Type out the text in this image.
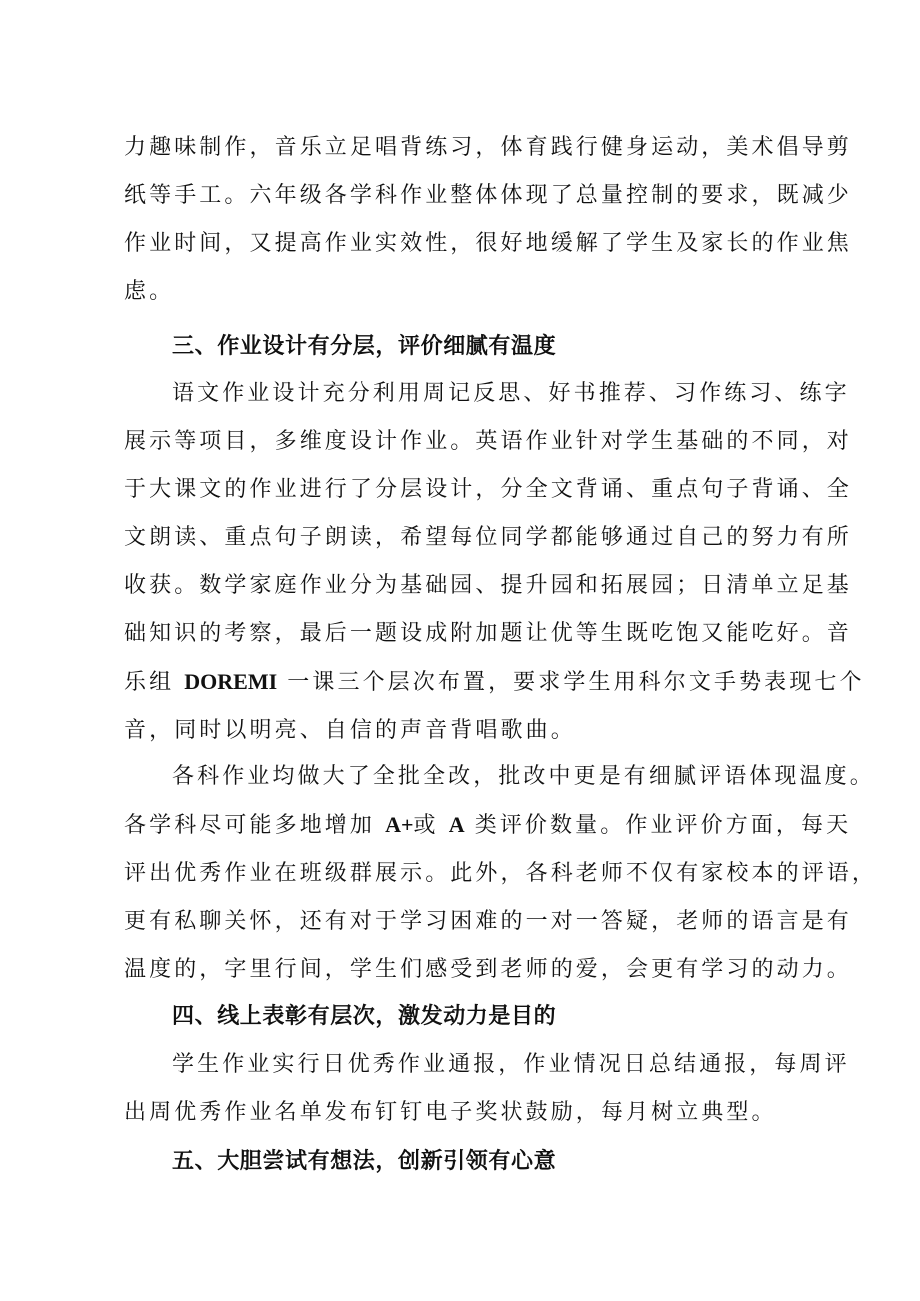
力趣味制作，音乐立足唱背练习，体育践行健身运动，美术倡导剪
纸等手工。六年级各学科作业整体体现了总量控制的要求，既减少
作业时间，又提高作业实效性，很好地缓解了学生及家长的作业焦
虑。
三、作业设计有分层，评价细腻有温度
语文作业设计充分利用周记反思、好书推荐、习作练习、练字
展示等项目，多维度设计作业。英语作业针对学生基础的不同，对
于大课文的作业进行了分层设计，分全文背诵、重点句子背诵、全
文朗读、重点句子朗读，希望每位同学都能够通过自己的努力有所
收获。数学家庭作业分为基础园、提升园和拓展园；日清单立足基
础知识的考察，最后一题设成附加题让优等生既吃饱又能吃好。音
乐组 DOREMI 一课三个层次布置，要求学生用科尔文手势表现七个
音，同时以明亮、自信的声音背唱歌曲。
各科作业均做大了全批全改，批改中更是有细腻评语体现温度。
各学科尽可能多地增加 A+或 A 类评价数量。作业评价方面，每天
评出优秀作业在班级群展示。此外，各科老师不仅有家校本的评语，
更有私聊关怀，还有对于学习困难的一对一答疑，老师的语言是有
温度的，字里行间，学生们感受到老师的爱，会更有学习的动力。
四、线上表彰有层次，激发动力是目的
学生作业实行日优秀作业通报，作业情况日总结通报，每周评
出周优秀作业名单发布钉钉电子奖状鼓励，每月树立典型。
五、大胆尝试有想法，创新引领有心意
